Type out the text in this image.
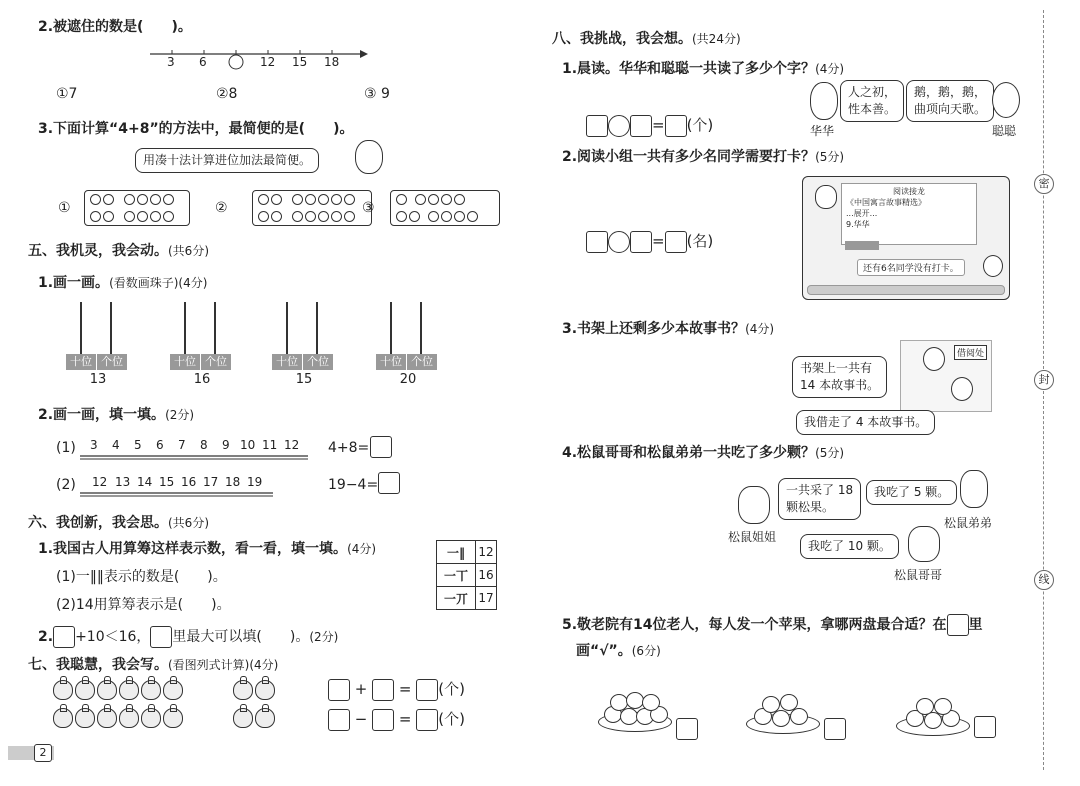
2.被遮住的数是(　　)。
3 6	12 15 18
①7	②8	③ 9
3.下面计算“4+8”的方法中，最简便的是(　　)。
用凑十法计算进位加法最简便。
①	②	③

五、我机灵，我会动。(共6分)
1.画一画。(看数画珠子)(4分)
十位 个位
13
十位 个位
16
十位 个位
15
十位 个位
20
2.画一画，填一填。(2分)
(1) 3 4 5 6 7 8 9 10 11 12 4+8=
(2) 12 13 14 15 16 17 18 19	19−4=
六、我创新，我会思。(共6分)
1.我国古人用算筹这样表示数，看一看，填一填。(4分)
(1)一‖‖表示的数是(　　)。
(2)14用算筹表示是(　　)。
一‖	12
一丅	16
一丌	17
2. +10＜16， 里最大可以填(　　)。(2分)
七、我聪慧，我会写。(看图列式计算)(4分)
+ = (个)
− = (个)
2
八、我挑战，我会想。(共24分)
1.晨读。华华和聪聪一共读了多少个字？(4分)
人之初，
性本善。
华华
鹅，鹅，鹅，
曲项向天歌。
聪聪
= (个)
2.阅读小组一共有多少名同学需要打卡？(5分)
= (名)
阅读接龙
《中国寓言故事精选》
...展开...
9.华华
还有6名同学没有打卡。
3.书架上还剩多少本故事书？(4分)
借阅处
书架上一共有
14 本故事书。
我借走了 4 本故事书。
4.松鼠哥哥和松鼠弟弟一共吃了多少颗？(5分)
一共采了 18
颗松果。
松鼠姐姐
我吃了 5 颗。
松鼠弟弟
我吃了 10 颗。
松鼠哥哥
5.敬老院有14位老人，每人发一个苹果，拿哪两盘最合适？在 里
画“√”。(6分)
密
封
线
